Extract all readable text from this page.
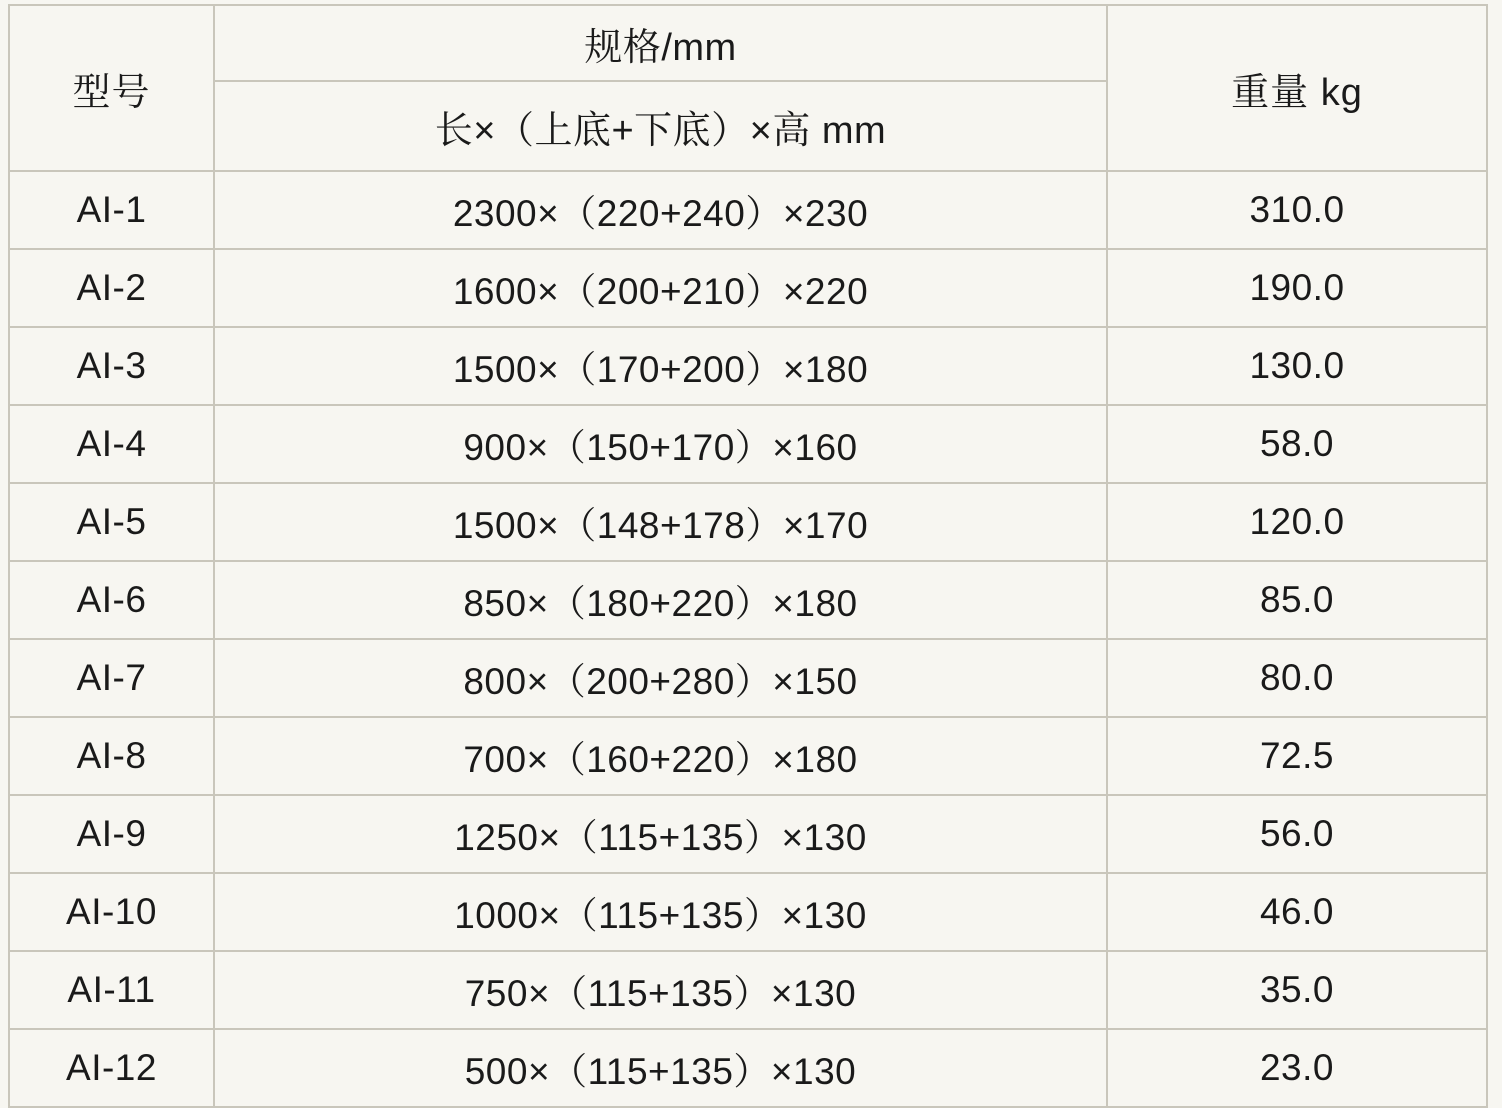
型号	规格/mm	重量 kg
	长×（上底+下底）×高 mm	
AI-1	2300×（220+240）×230	310.0
AI-2	1600×（200+210）×220	190.0
AI-3	1500×（170+200）×180	130.0
AI-4	900×（150+170）×160	58.0
AI-5	1500×（148+178）×170	120.0
AI-6	850×（180+220）×180	85.0
AI-7	800×（200+280）×150	80.0
AI-8	700×（160+220）×180	72.5
AI-9	1250×（115+135）×130	56.0
AI-10	1000×（115+135）×130	46.0
AI-11	750×（115+135）×130	35.0
AI-12	500×（115+135）×130	23.0
